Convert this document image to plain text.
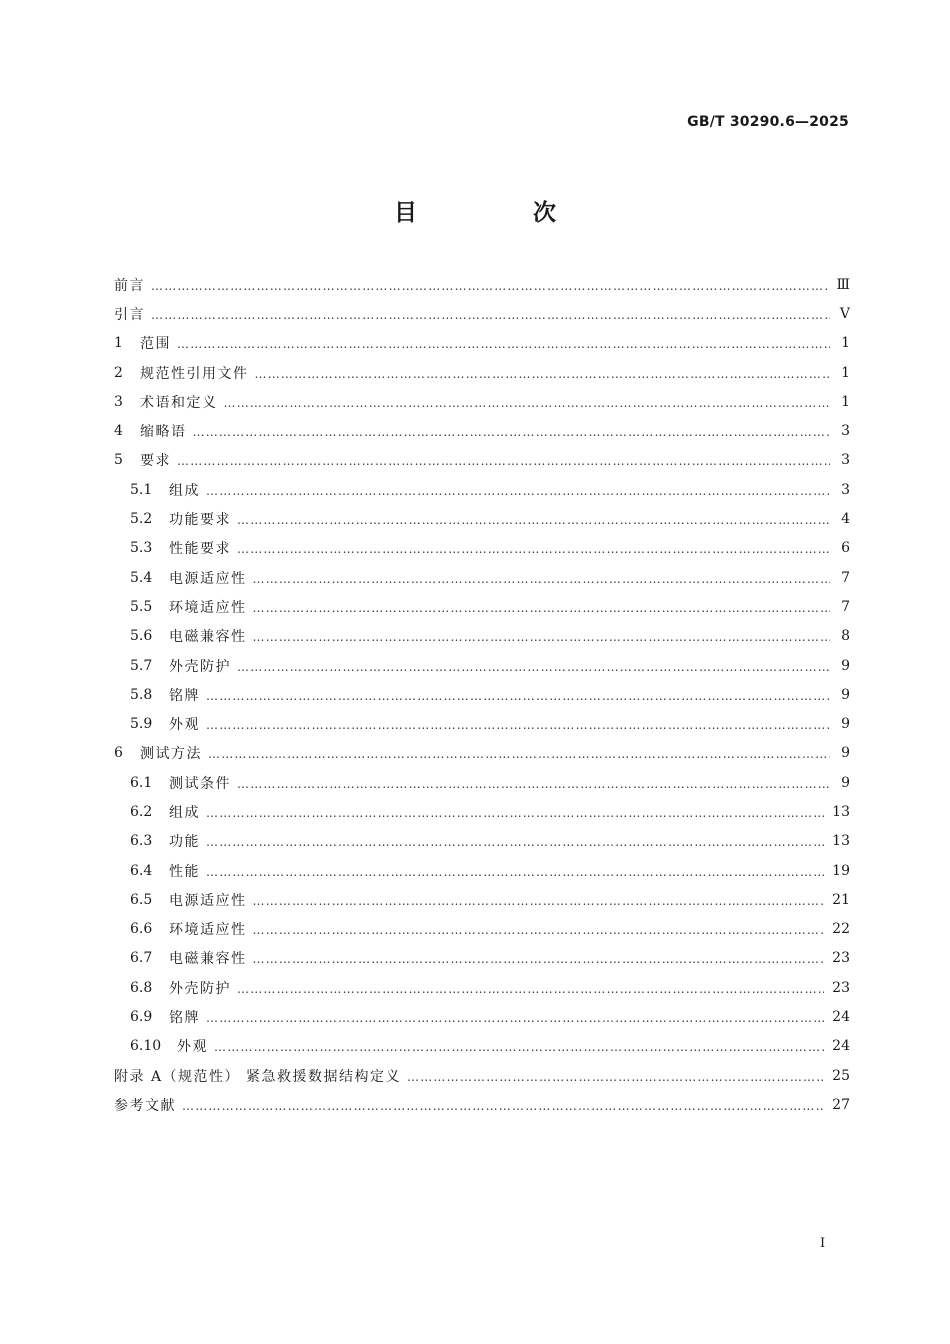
GB/T 30290.6—2025
目 次
前言 ………………………………………………………………………………………………………………………………………………………………………………………………………………………………………………………………	Ⅲ
引言 ………………………………………………………………………………………………………………………………………………………………………………………………………………………………………………………………	Ⅴ
1	范围 ………………………………………………………………………………………………………………………………………………………………………………………………………………………………………………………………	1
2	规范性引用文件 ………………………………………………………………………………………………………………………………………………………………………………………………………………………………………………………………	1
3	术语和定义 ………………………………………………………………………………………………………………………………………………………………………………………………………………………………………………………………	1
4	缩略语 ………………………………………………………………………………………………………………………………………………………………………………………………………………………………………………………………	3
5	要求 ………………………………………………………………………………………………………………………………………………………………………………………………………………………………………………………………	3
5.1	组成 ………………………………………………………………………………………………………………………………………………………………………………………………………………………………………………………………	3
5.2	功能要求 ………………………………………………………………………………………………………………………………………………………………………………………………………………………………………………………………	4
5.3	性能要求 ………………………………………………………………………………………………………………………………………………………………………………………………………………………………………………………………	6
5.4	电源适应性 ………………………………………………………………………………………………………………………………………………………………………………………………………………………………………………………………	7
5.5	环境适应性 ………………………………………………………………………………………………………………………………………………………………………………………………………………………………………………………………	7
5.6	电磁兼容性 ………………………………………………………………………………………………………………………………………………………………………………………………………………………………………………………………	8
5.7	外壳防护 ………………………………………………………………………………………………………………………………………………………………………………………………………………………………………………………………	9
5.8	铭牌 ………………………………………………………………………………………………………………………………………………………………………………………………………………………………………………………………	9
5.9	外观 ………………………………………………………………………………………………………………………………………………………………………………………………………………………………………………………………	9
6	测试方法 ………………………………………………………………………………………………………………………………………………………………………………………………………………………………………………………………	9
6.1	测试条件 ………………………………………………………………………………………………………………………………………………………………………………………………………………………………………………………………	9
6.2	组成 ………………………………………………………………………………………………………………………………………………………………………………………………………………………………………………………………	13
6.3	功能 ………………………………………………………………………………………………………………………………………………………………………………………………………………………………………………………………	13
6.4	性能 ………………………………………………………………………………………………………………………………………………………………………………………………………………………………………………………………	19
6.5	电源适应性 ………………………………………………………………………………………………………………………………………………………………………………………………………………………………………………………………	21
6.6	环境适应性 ………………………………………………………………………………………………………………………………………………………………………………………………………………………………………………………………	22
6.7	电磁兼容性 ………………………………………………………………………………………………………………………………………………………………………………………………………………………………………………………………	23
6.8	外壳防护 ………………………………………………………………………………………………………………………………………………………………………………………………………………………………………………………………	23
6.9	铭牌 ………………………………………………………………………………………………………………………………………………………………………………………………………………………………………………………………	24
6.10	外观 ………………………………………………………………………………………………………………………………………………………………………………………………………………………………………………………………	24
附录 A（规范性） 紧急救援数据结构定义 ………………………………………………………………………………………………………………………………………………………………………………………………………………………………………………………………	25
参考文献 ………………………………………………………………………………………………………………………………………………………………………………………………………………………………………………………………	27
Ⅰ
